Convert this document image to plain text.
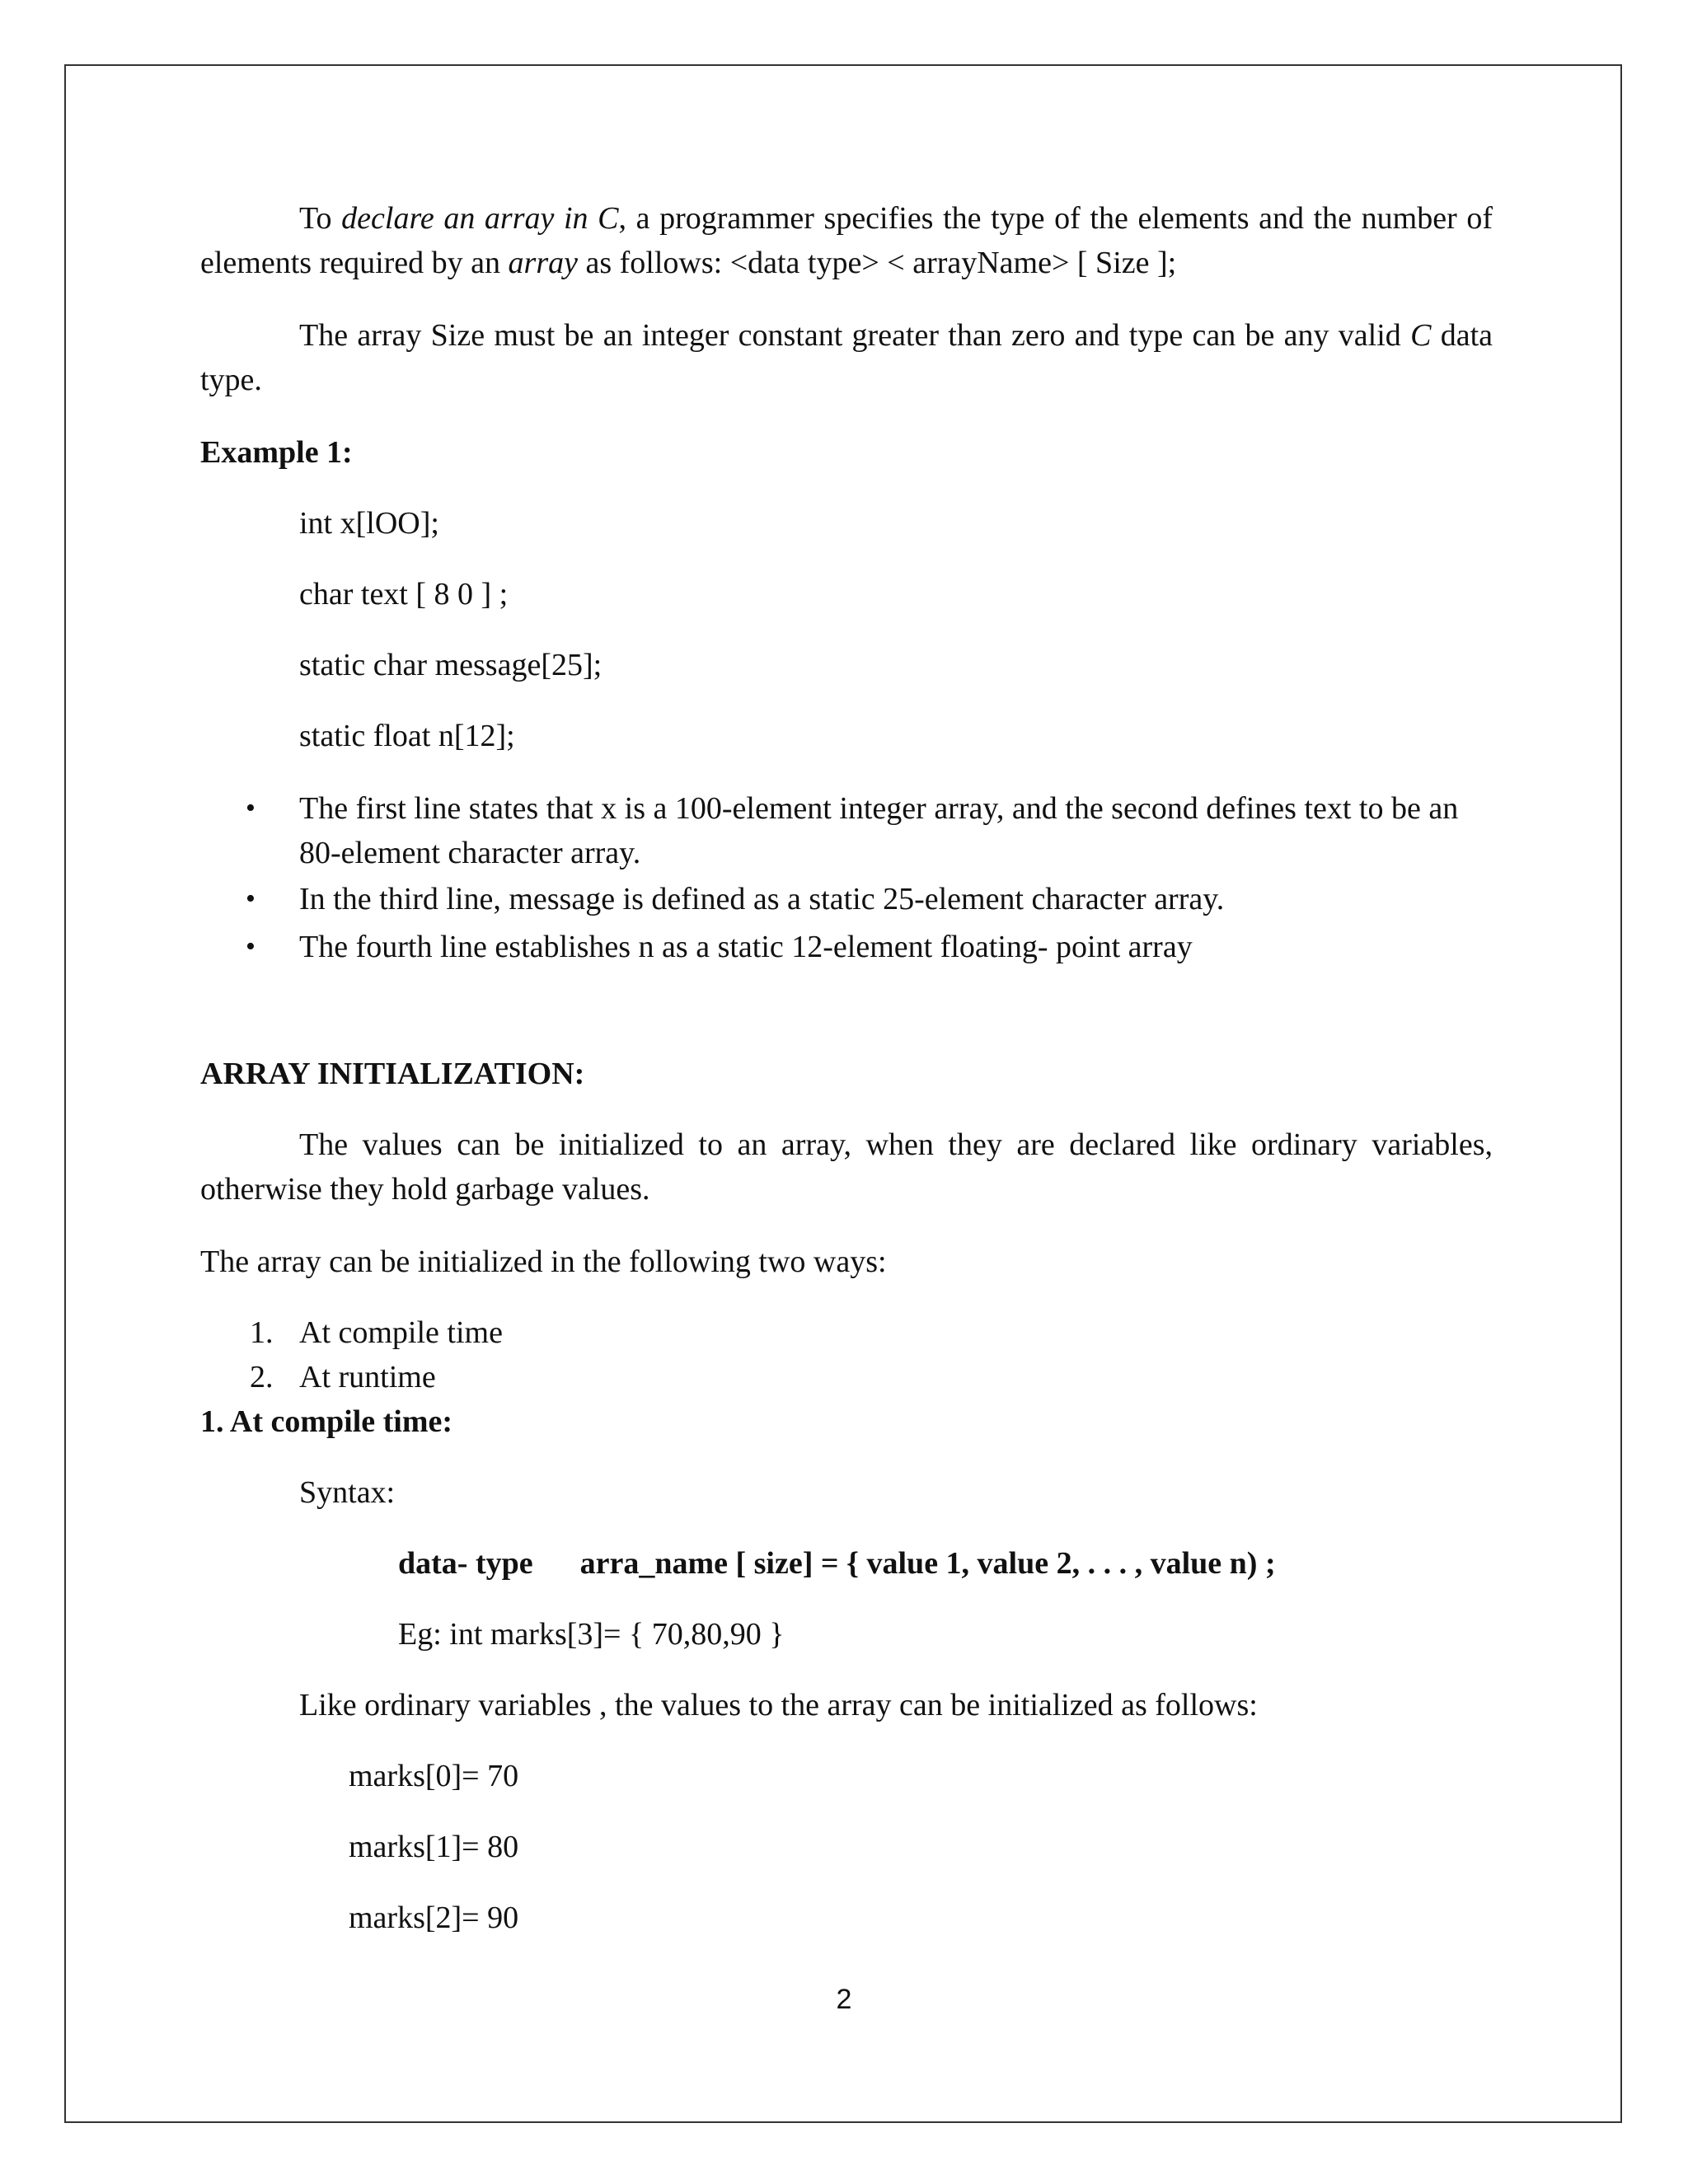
To declare an array in C, a programmer specifies the type of the elements and the number of elements required by an array as follows: <data type> < arrayName> [ Size ];

The array Size must be an integer constant greater than zero and type can be any valid C data type.

Example 1:

int x[lOO];

char text [ 8 0 ] ;

static char message[25];

static float n[12];

• The first line states that x is a 100-element integer array, and the second defines text to be an 80-element character array.
• In the third line, message is defined as a static 25-element character array.
• The fourth line establishes n as a static 12-element floating- point array

ARRAY INITIALIZATION:

The values can be initialized to an array, when they are declared like ordinary variables, otherwise they hold garbage values.

The array can be initialized in the following two ways:

1. At compile time
2. At runtime

1. At compile time:

Syntax:

data- type      arra_name [ size] = { value 1, value 2, . . . , value n) ;

Eg: int marks[3]= { 70,80,90 }

Like ordinary variables , the values to the array can be initialized as follows:

marks[0]= 70

marks[1]= 80

marks[2]= 90

2
